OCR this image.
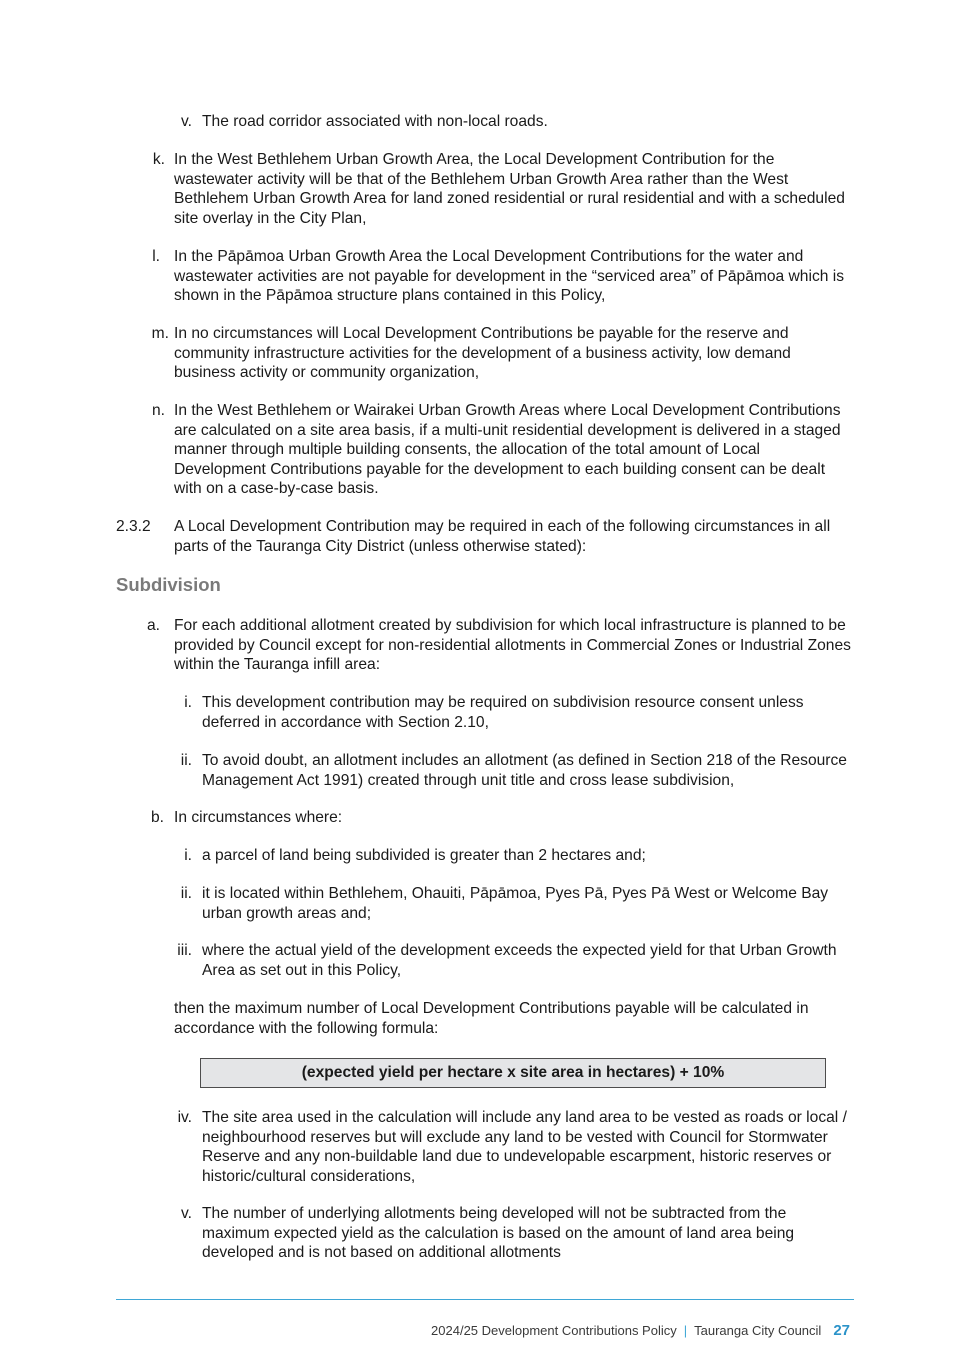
v. The road corridor associated with non-local roads.
k. In the West Bethlehem Urban Growth Area, the Local Development Contribution for the wastewater activity will be that of the Bethlehem Urban Growth Area rather than the West Bethlehem Urban Growth Area for land zoned residential or rural residential and with a scheduled site overlay in the City Plan,
l. In the Pāpāmoa Urban Growth Area the Local Development Contributions for the water and wastewater activities are not payable for development in the “serviced area” of Pāpāmoa which is shown in the Pāpāmoa structure plans contained in this Policy,
m. In no circumstances will Local Development Contributions be payable for the reserve and community infrastructure activities for the development of a business activity, low demand business activity or community organization,
n. In the West Bethlehem or Wairakei Urban Growth Areas where Local Development Contributions are calculated on a site area basis, if a multi-unit residential development is delivered in a staged manner through multiple building consents, the allocation of the total amount of Local Development Contributions payable for the development to each building consent can be dealt with on a case-by-case basis.
2.3.2 A Local Development Contribution may be required in each of the following circumstances in all parts of the Tauranga City District (unless otherwise stated):
Subdivision
a. For each additional allotment created by subdivision for which local infrastructure is planned to be provided by Council except for non-residential allotments in Commercial Zones or Industrial Zones within the Tauranga infill area:
i. This development contribution may be required on subdivision resource consent unless deferred in accordance with Section 2.10,
ii. To avoid doubt, an allotment includes an allotment (as defined in Section 218 of the Resource Management Act 1991) created through unit title and cross lease subdivision,
b. In circumstances where:
i. a parcel of land being subdivided is greater than 2 hectares and;
ii. it is located within Bethlehem, Ohauiti, Pāpāmoa, Pyes Pā, Pyes Pā West or Welcome Bay urban growth areas and;
iii. where the actual yield of the development exceeds the expected yield for that Urban Growth Area as set out in this Policy,
then the maximum number of Local Development Contributions payable will be calculated in accordance with the following formula:
(expected yield per hectare x site area in hectares) + 10%
iv. The site area used in the calculation will include any land area to be vested as roads or local / neighbourhood reserves but will exclude any land to be vested with Council for Stormwater Reserve and any non-buildable land due to undevelopable escarpment, historic reserves or historic/cultural considerations,
v. The number of underlying allotments being developed will not be subtracted from the maximum expected yield as the calculation is based on the amount of land area being developed and is not based on additional allotments
2024/25 Development Contributions Policy | Tauranga City Council 27
